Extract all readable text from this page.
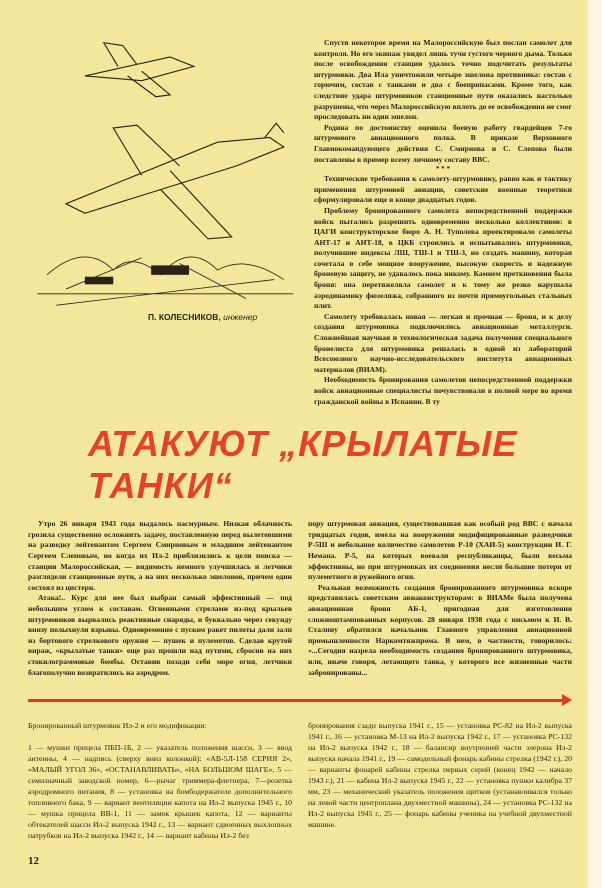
П. КОЛЕСНИКОВ, инженер

Спустя некоторое время на Малороссийскую был послан самолет для контроля. Но его экипаж увидел лишь тучи густого черного дыма. Только после освобождения станции удалось точно подсчитать результаты штурмовки. Два Ила уничтожили четыре эшелона противника: состав с горючим, состав с танками и два с боеприпасами. Кроме того, как следствие удара штурмовиков станционные пути оказались настолько разрушены, что через Малороссийскую вплоть до ее освобождения не смог проследовать ни один эшелон.

Родина по достоинству оценила боевую работу гвардейцев 7-го штурмового авиационного полка. В приказе Верховного Главнокомандующего действия С. Смирнова и С. Слепова были поставлены в пример всему личному составу ВВС.

* * *

Технические требования к самолету-штурмовику, равно как и тактику применения штурмовой авиации, советские военные теоретики сформулировали еще в конце двадцатых годов.

Проблему бронированного самолета непосредственной поддержки войск пытались разрешить одновременно несколько коллективов: в ЦАГИ конструкторское бюро А. Н. Туполева проектировало самолеты АНТ-17 и АНТ-18, в ЦКБ строились и испытывались штурмовики, получившие индексы ЛШ, ТШ-1 и ТШ-3, но создать машину, которая сочетала в себе мощное вооружение, высокую скорость и надежную броневую защиту, не удавалось пока никому. Камнем преткновения была броня: она перетяжеляла самолет и к тому же резко нарушала аэродинамику фюзеляжа, собранного из почти прямоугольных стальных плит.

Самолету требовалась новая — легкая и прочная — броня, и к делу создания штурмовика подключились авиационные металлурги. Сложнейшая научная и технологическая задача получения специального бронелиста для штурмовика решалась в одной из лабораторий Всесоюзного научно-исследовательского института авиационных материалов (ВИАМ).

Необходимость бронирования самолетов непосредственной поддержки войск авиационные специалисты почувствовали в полной мере во время гражданской войны в Испании. В ту

АТАКУЮТ „КРЫЛАТЫЕ ТАНКИ“

Утро 26 января 1943 года выдалось пасмурным. Низкая облачность грозила существенно осложнить задачу, поставленную перед вылетевшими на разведку лейтенантом Сергеем Смирновым и младшим лейтенантом Сергеем Слеповым, но когда их Ил-2 приблизились к цели поиска — станции Малороссийская, — видимость немного улучшилась и летчики разглядели станционные пути, а на них несколько эшелонов, причем один состоял из цистерн.

Атака!.. Курс для нее был выбран самый эффективный — под небольшим углом к составам. Огненными стрелами из-под крыльев штурмовиков вырвались реактивные снаряды, и буквально через секунду внизу полыхнули взрывы. Одновременно с пуском ракет пилоты дали залп из бортового стрелкового оружия — пушек и пулеметов. Сделав крутой вираж, «крылатые танки» еще раз прошли над путями, сбросив на них стокилограммовые бомбы. Оставив позади себя море огня, летчики благополучно возвратились на аэродром.

пору штурмовая авиация, существовавшая как особый род ВВС с начала тридцатых годов, имела на вооружении модифицированные разведчики Р-5Ш и небольшое количество самолетов Р-10 (ХАИ-5) конструкции И. Г. Немана. Р-5, на которых воевали республиканцы, были весьма эффективны, но при штурмовках их соединения несли большие потери от пулеметного и ружейного огня.

Реальная возможность создания бронированного штурмовика вскоре представилась советским авиаконструкторам: в ВИАМе была получена авиационная броня АБ-1, пригодная для изготовления сложноштампованных корпусов. 28 января 1938 года с письмом к И. В. Сталину обратился начальник Главного управления авиационной промышленности Наркомтяжпрома. В нем, в частности, говорилось: «...Сегодня назрела необходимость создания бронированного штурмовика, или, иначе говоря, летающего танка, у которого все жизненные части забронированы...

Бронированный штурмовик Ил-2 и его модификации:

1 — мушки прицела ПБП-1Б, 2 — указатель положения шасси, 3 — ввод антенны, 4 — надпись (сверху вниз колонкой): «АВ-5Л-158 СЕРИЯ 2», «МАЛЫЙ УГОЛ 36», «ОСТАНАВЛИВАТЬ», «НА БОЛЬШОМ ШАГЕ», 5 — семизначный заводской номер, 6—рычаг триммера-флетнера, 7—розетка аэродромного питания, 8 — установка на бомбодержателе дополнительного топливного бака, 9 — вариант вентиляции капота на Ил-2 выпуска 1945 г., 10 — мушка прицела ВВ-1, 11 — замок крышек капота, 12 — варианты обтекателей шасси Ил-2 выпуска 1942 г., 13 — вариант сдвоенных выхлопных патрубков на Ил-2 выпуска 1942 г., 14 — вариант кабины Ил-2 без

бронирования сзади выпуска 1941 г., 15 — установка РС-82 на Ил-2 выпуска 1941 г., 16 — установка М-13 на Ил-2 выпуска 1942 г., 17 — установка РС-132 на Ил-2 выпуска 1942 г., 18 — балансир внутренней части элерона Ил-2 выпуска начала 1941 г., 19 — самодельный фонарь кабины стрелка (1942 г.), 20 — варианты фонарей кабины стрелка первых серий (конец 1942 — начало 1943 г.), 21 — кабина Ил-2 выпуска 1945 г., 22 — установка пушки калибра 37 мм, 23 — механический указатель положения щитков (устанавливался только на левой части центроплана двухместной машины), 24 — установка РС-132 на Ил-2 выпуска 1945 г., 25 — фонарь кабины ученика на учебной двухместной машине.

12
